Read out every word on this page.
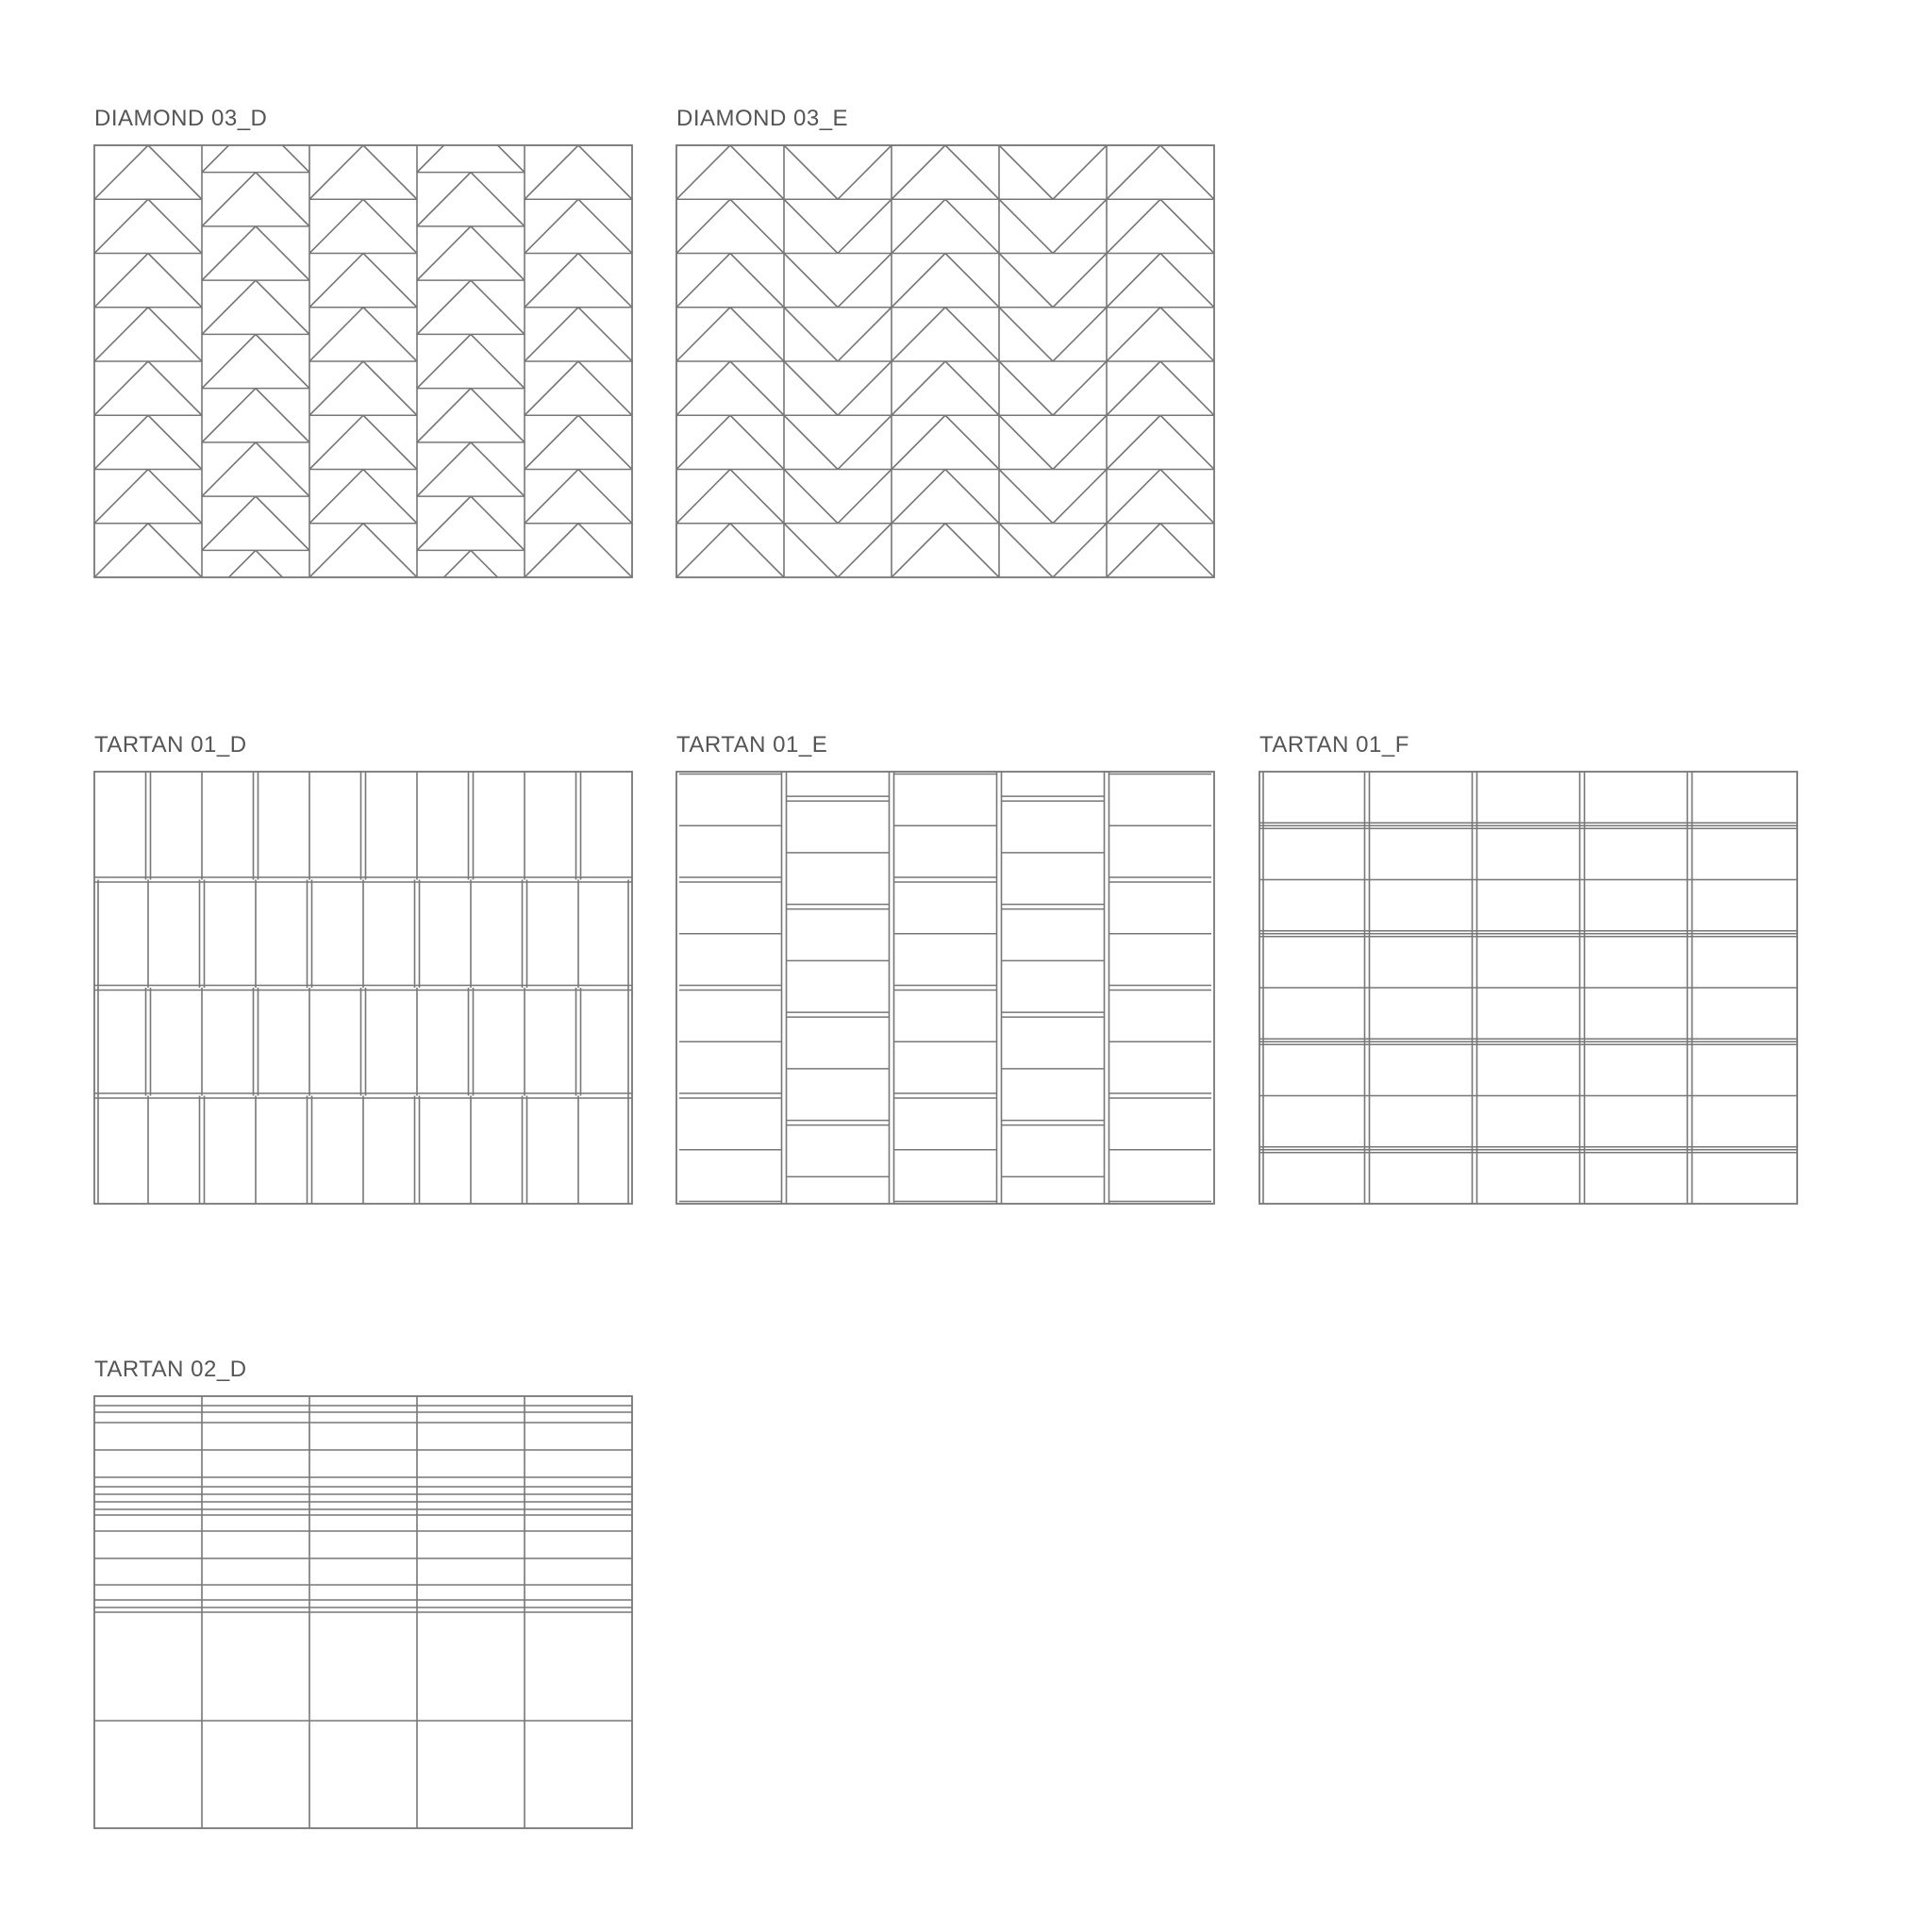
DIAMOND 03_D	DIAMOND 03_E
TARTAN 01_D	TARTAN 01_E	TARTAN 01_F
TARTAN 02_D
